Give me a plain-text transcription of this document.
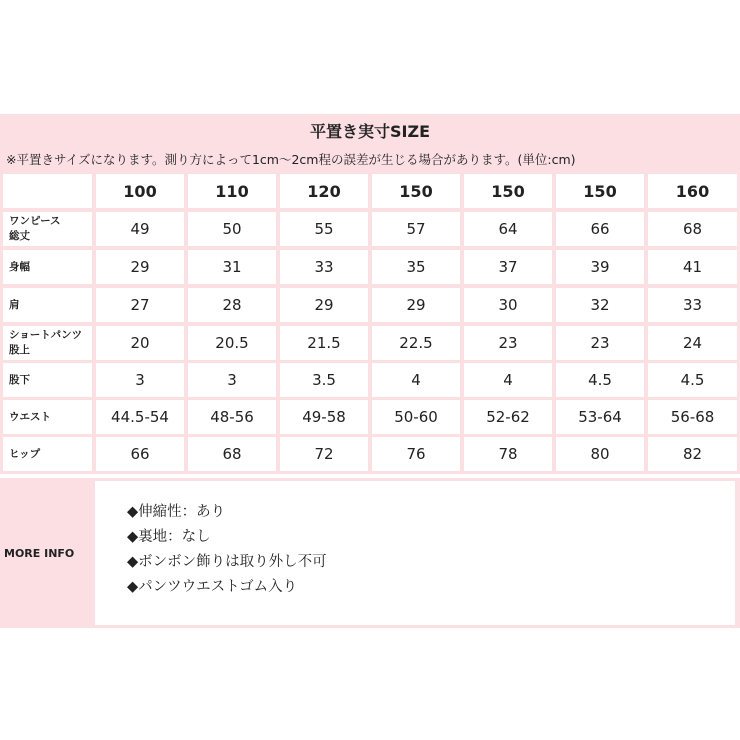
平置き実寸SIZE
※平置きサイズになります。測り方によって1cm〜2cm程の誤差が生じる場合があります。(単位:cm)
100	110	120	150	150	150	160
ワンピース
総丈	49	50	55	57	64	66	68
身幅	29	31	33	35	37	39	41
肩	27	28	29	29	30	32	33
ショートパンツ
股上	20	20.5	21.5	22.5	23	23	24
股下	3	3	3.5	4	4	4.5	4.5
ウエスト	44.5-54	48-56	49-58	50-60	52-62	53-64	56-68
ヒップ	66	68	72	76	78	80	82
MORE INFO
◆伸縮性：あり
◆裏地：なし
◆ボンボン飾りは取り外し不可
◆パンツウエストゴム入り
